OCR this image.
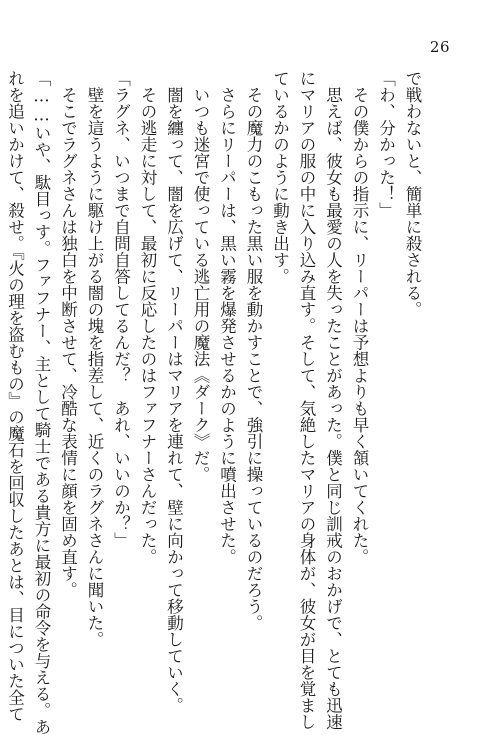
26
で戦わないと、簡単に殺される。
「わ、分かった！」
　その僕からの指示に、リーパーは予想よりも早く頷いてくれた。
　思えば、彼女も最愛の人を失ったことがあった。僕と同じ訓戒のおかげで、とても迅速
にマリアの服の中に入り込み直す。そして、気絶したマリアの身体が、彼女が目を覚まし
ているかのように動き出す。
　その魔力のこもった黒い服を動かすことで、強引に操っているのだろう。
　さらにリーパーは、黒い霧を爆発させるかのように噴出させた。
　いつも迷宮で使っている逃亡用の魔法《ダーク》だ。
　闇を纏って、闇を広げて、リーパーはマリアを連れて、壁に向かって移動していく。
　その逃走に対して、最初に反応したのはファフナーさんだった。
「ラグネ、いつまで自問自答してるんだ？　あれ、いいのか？」
　壁を這うように駆け上がる闇の塊を指差して、近くのラグネさんに聞いた。
　そこでラグネさんは独白を中断させて、冷酷な表情に顔を固め直す。
「……いや、駄目っす。ファフナー、主として騎士である貴方に最初の命令を与える。あ
れを追いかけて、殺せ。『火の理を盗むもの』の魔石を回収したあとは、目についた全て
